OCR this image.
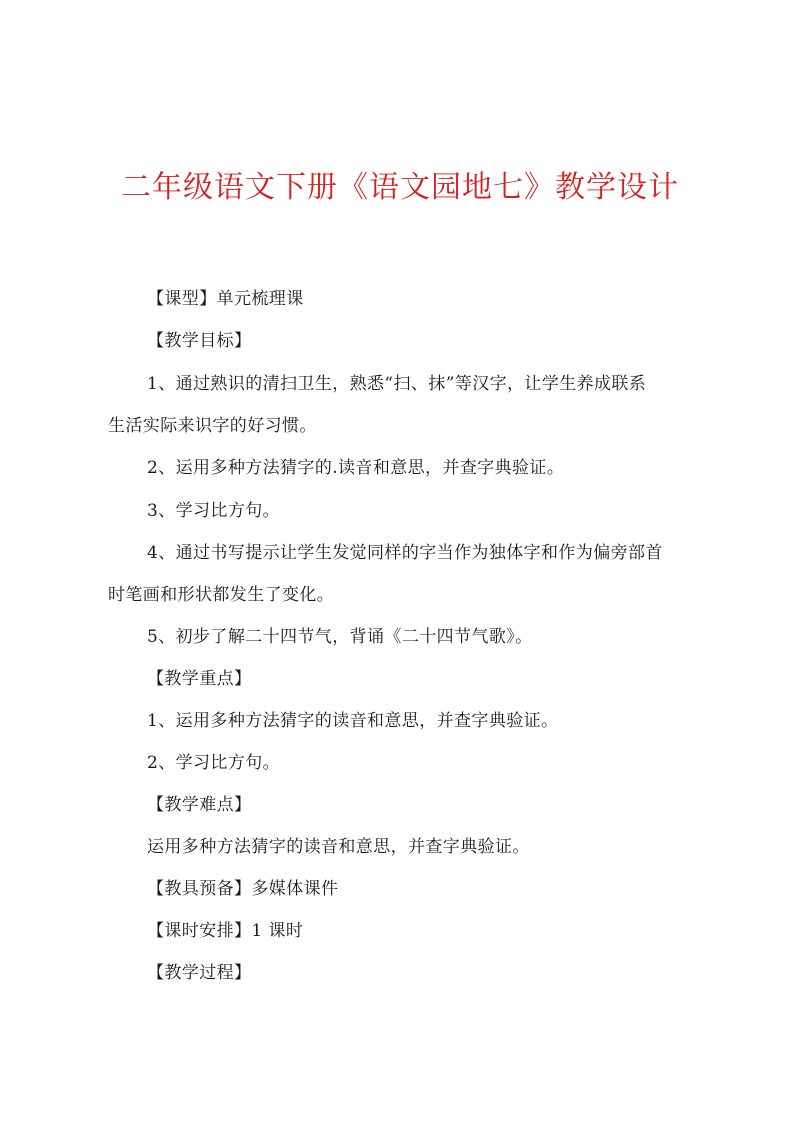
二年级语文下册《语文园地七》教学设计
【课型】单元梳理课
【教学目标】
1、通过熟识的清扫卫生，熟悉“扫、抹”等汉字，让学生养成联系
生活实际来识字的好习惯。
2、运用多种方法猜字的.读音和意思，并查字典验证。
3、学习比方句。
4、通过书写提示让学生发觉同样的字当作为独体字和作为偏旁部首
时笔画和形状都发生了变化。
5、初步了解二十四节气，背诵《二十四节气歌》。
【教学重点】
1、运用多种方法猜字的读音和意思，并查字典验证。
2、学习比方句。
【教学难点】
运用多种方法猜字的读音和意思，并查字典验证。
【教具预备】多媒体课件
【课时安排】1 课时
【教学过程】
